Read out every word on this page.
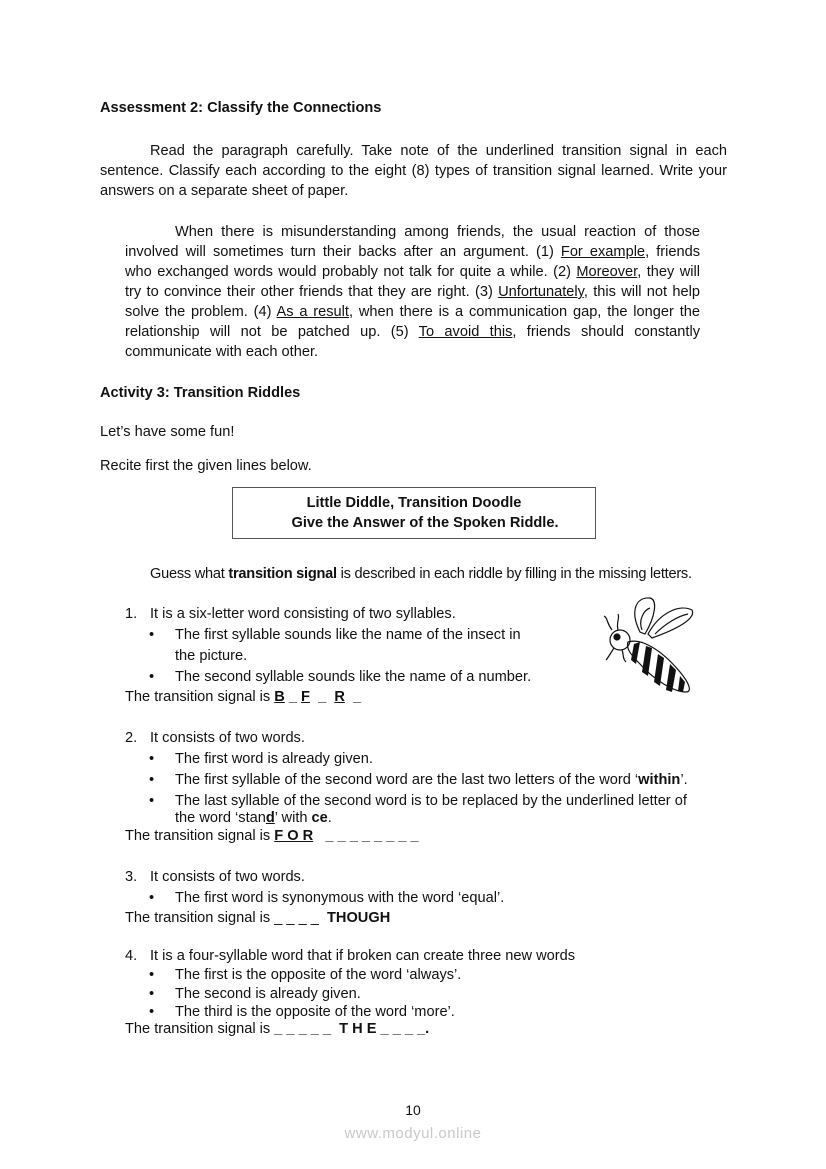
Assessment 2: Classify the Connections
Read the paragraph carefully. Take note of the underlined transition signal in each
sentence. Classify each according to the eight (8) types of transition signal learned. Write your
answers on a separate sheet of paper.
When there is misunderstanding among friends, the usual reaction of those
involved will sometimes turn their backs after an argument. (1) For example, friends
who exchanged words would probably not talk for quite a while. (2) Moreover, they will
try to convince their other friends that they are right. (3) Unfortunately, this will not help
solve the problem. (4) As a result, when there is a communication gap, the longer the
relationship will not be patched up. (5) To avoid this, friends should constantly
communicate with each other.
Activity 3: Transition Riddles
Let’s have some fun!
Recite first the given lines below.
Little Diddle, Transition Doodle
Give the Answer of the Spoken Riddle.
Guess what transition signal is described in each riddle by filling in the missing letters.
1. It is a six-letter word consisting of two syllables.
• The first syllable sounds like the name of the insect in
the picture.
• The second syllable sounds like the name of a number.
The transition signal is B _ F  _  R  _
2. It consists of two words.
• The first word is already given.
• The first syllable of the second word are the last two letters of the word ‘within’.
• The last syllable of the second word is to be replaced by the underlined letter of
the word ‘stand’ with ce.
The transition signal is F O R   _ _ _ _ _ _ _ _
3. It consists of two words.
• The first word is synonymous with the word ‘equal’.
The transition signal is _ _ _ _  THOUGH
4. It is a four-syllable word that if broken can create three new words
• The first is the opposite of the word ‘always’.
• The second is already given.
• The third is the opposite of the word ‘more’.
The transition signal is _ _ _ _ _  T H E _ _ _ _.
10
www.modyul.online
